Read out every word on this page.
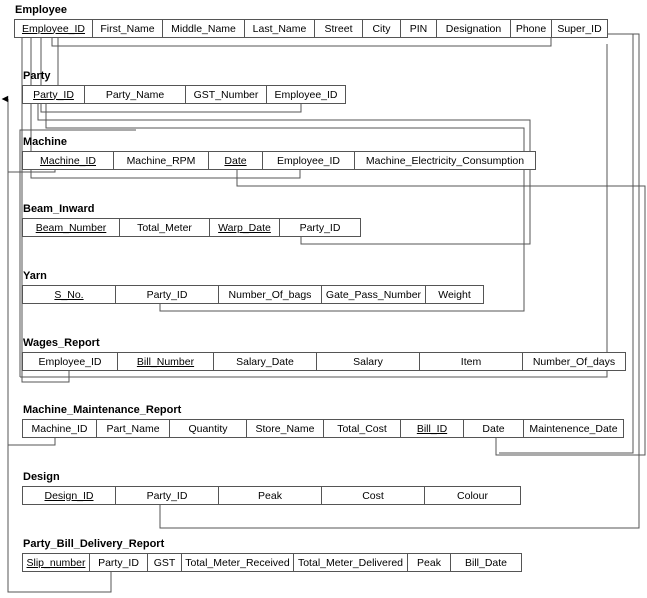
Employee
Employee_ID First_Name Middle_Name Last_Name Street City PIN Designation Phone Super_ID
Party
Party_ID	Party_Name	GST_Number Employee_ID
Machine
Machine_ID	Machine_RPM	Date	Employee_ID Machine_Electricity_Consumption
Beam_Inward
Beam_Number	Total_Meter Warp_Date	Party_ID
Yarn
S_No.	Party_ID	Number_Of_bags Gate_Pass_Number Weight
Wages_Report
Employee_ID	Bill_Number	Salary_Date	Salary	Item	Number_Of_days
Machine_Maintenance_Report
Machine_ID Part_Name	Quantity	Store_Name Total_Cost	Bill_ID	Date Maintenence_Date
Design
Design_ID	Party_ID	Peak	Cost	Colour
Party_Bill_Delivery_Report
Slip_number Party_ID GST Total_Meter_Received Total_Meter_Delivered Peak Bill_Date
